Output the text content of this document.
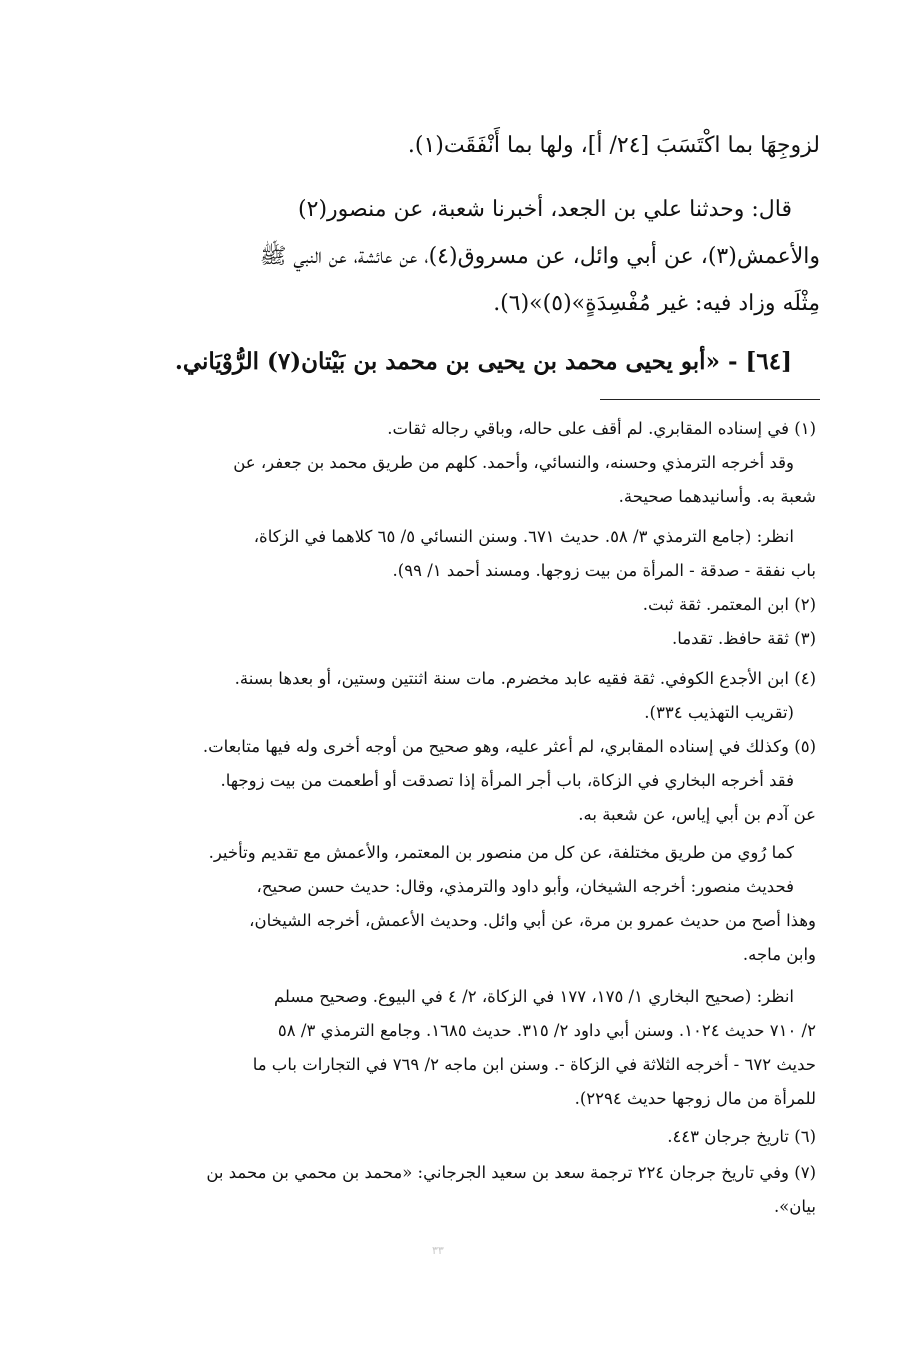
لزوجِهَا بما اكْتَسَبَ [٢٤/ أ]، ولها بما أَنْفَقَت(١).
قال: وحدثنا علي بن الجعد، أخبرنا شعبة، عن منصور(٢)
والأعمش(٣)، عن أبي وائل، عن مسروق(٤)، عن عائشة، عن النبي ﷺ
مِثْلَه وزاد فيه: غير مُفْسِدَةٍ»(٥)»(٦).
[٦٤] - «أبو يحيى محمد بن يحيى بن محمد بن بَيْتان(٧) الرُّوْيَاني.
(١) في إسناده المقابري. لم أقف على حاله، وباقي رجاله ثقات.
وقد أخرجه الترمذي وحسنه، والنسائي، وأحمد. كلهم من طريق محمد بن جعفر، عن
شعبة به. وأسانيدهما صحيحة.
انظر: (جامع الترمذي ٣/ ٥٨. حديث ٦٧١. وسنن النسائي ٥/ ٦٥ كلاهما في الزكاة،
باب نفقة - صدقة - المرأة من بيت زوجها. ومسند أحمد ١/ ٩٩).
(٢) ابن المعتمر. ثقة ثبت.
(٣) ثقة حافظ. تقدما.
(٤) ابن الأجدع الكوفي. ثقة فقيه عابد مخضرم. مات سنة اثنتين وستين، أو بعدها بسنة.
(تقريب التهذيب ٣٣٤).
(٥) وكذلك في إسناده المقابري، لم أعثر عليه، وهو صحيح من أوجه أخرى وله فيها متابعات.
فقد أخرجه البخاري في الزكاة، باب أجر المرأة إذا تصدقت أو أطعمت من بيت زوجها.
عن آدم بن أبي إياس، عن شعبة به.
كما رُوي من طريق مختلفة، عن كل من منصور بن المعتمر، والأعمش مع تقديم وتأخير.
فحديث منصور: أخرجه الشيخان، وأبو داود والترمذي، وقال: حديث حسن صحيح،
وهذا أصح من حديث عمرو بن مرة، عن أبي وائل. وحديث الأعمش، أخرجه الشيخان،
وابن ماجه.
انظر: (صحيح البخاري ١/ ١٧٥، ١٧٧ في الزكاة، ٢/ ٤ في البيوع. وصحيح مسلم
٢/ ٧١٠ حديث ١٠٢٤. وسنن أبي داود ٢/ ٣١٥. حديث ١٦٨٥. وجامع الترمذي ٣/ ٥٨
حديث ٦٧٢ - أخرجه الثلاثة في الزكاة -. وسنن ابن ماجه ٢/ ٧٦٩ في التجارات باب ما
للمرأة من مال زوجها حديث ٢٢٩٤).
(٦) تاريخ جرجان ٤٤٣.
(٧) وفي تاريخ جرجان ٢٢٤ ترجمة سعد بن سعيد الجرجاني: «محمد بن محمي بن محمد بن
بيان».
٣٣
